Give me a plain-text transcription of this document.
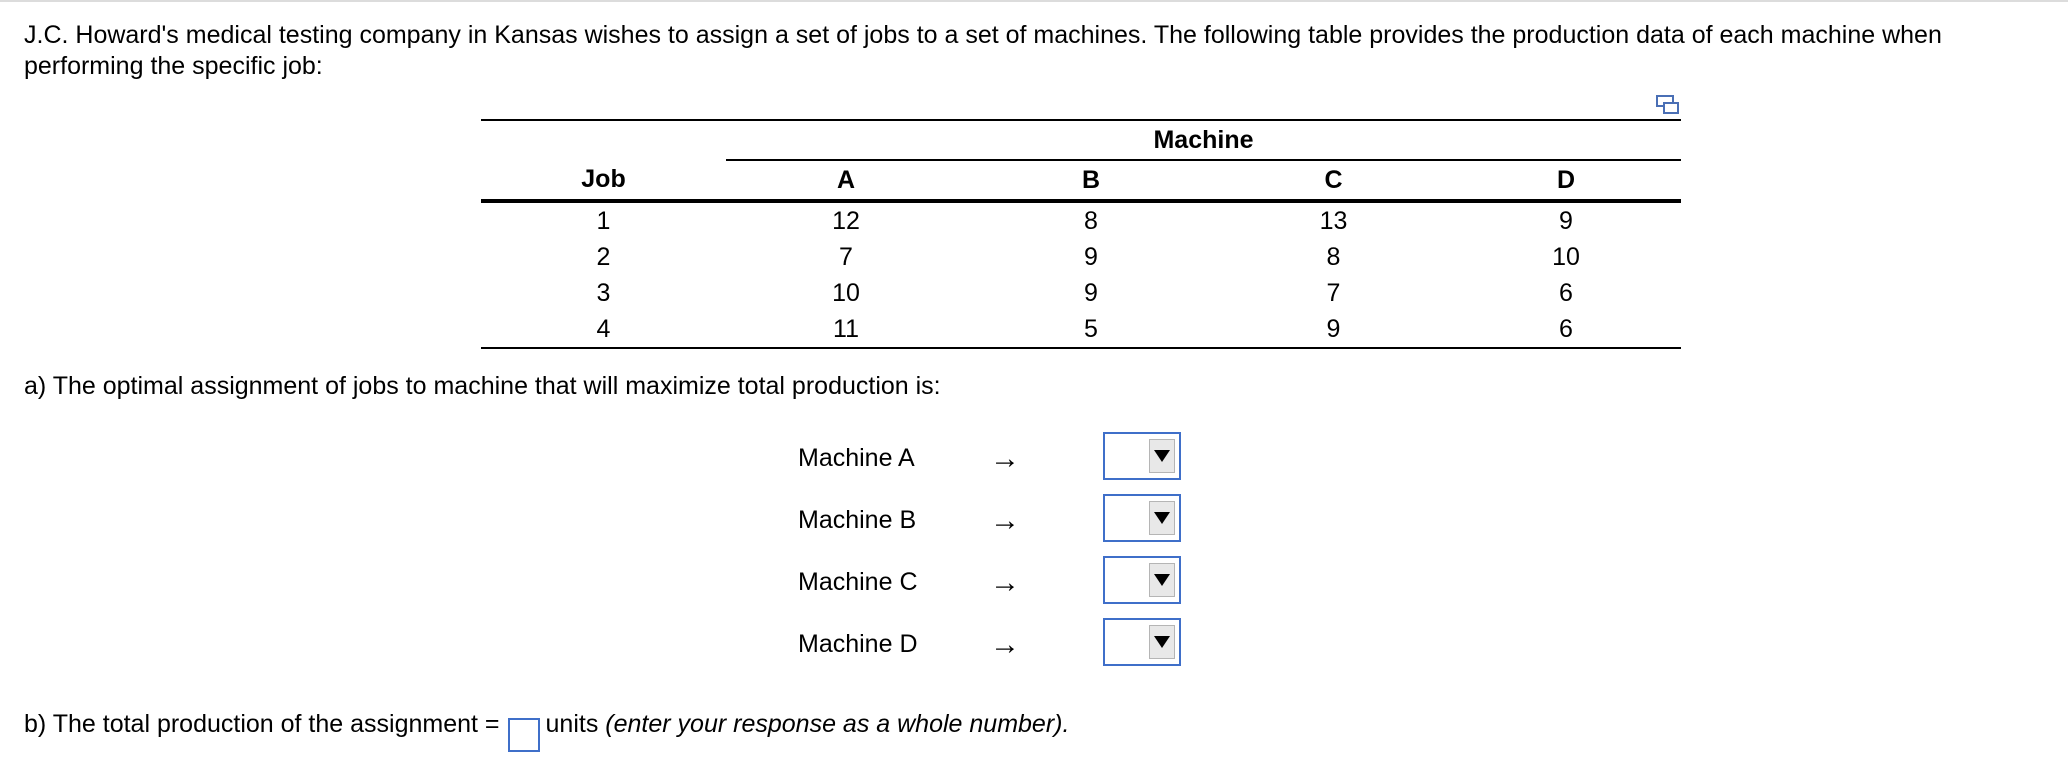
J.C. Howard's medical testing company in Kansas wishes to assign a set of jobs to a set of machines. The following table provides the production data of each machine when performing the specific job:
	Machine			
Job	A	B	C	D
1	12	8	13	9
2	7	9	8	10
3	10	9	7	6
4	11	5	9	6
a) The optimal assignment of jobs to machine that will maximize total production is:
Machine A	→
Machine B →
Machine C →
Machine D →
b) The total production of the assignment = units (enter your response as a whole number).
